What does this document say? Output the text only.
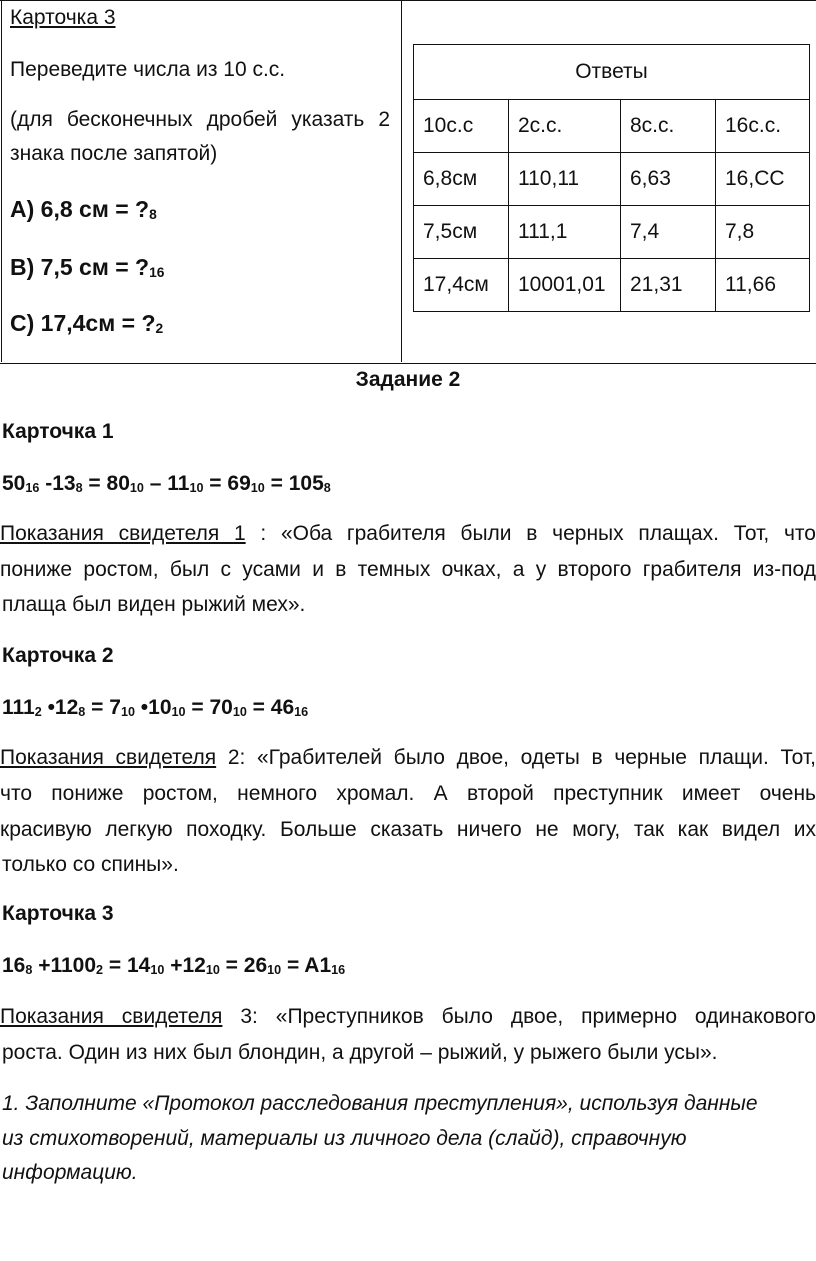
Карточка 3
Переведите числа из 10 с.с.
(для бесконечных дробей указать 2
знака после запятой)
А) 6,8 см = $?_8$
В) 7,5 см = $?_{16}$
С) $17,4см = ?_2$
Ответы			
10с.с	2с.с.	8с.с.	16с.с.
6,8см	110,11	6,63	16,СС
7,5см	111,1	7,4	7,8
17,4см	10001,01	21,31	11,66
Задание 2
Карточка 1
$50_{16}$ $-13_8 = 80_{10} - 11_{10} = 69_{10} = 105_8$
Показания свидетеля 1 : «Оба грабителя были в черных плащах. Тот, что
пониже ростом, был с усами и в темных очках, а у второго грабителя из-под
плаща был виден рыжий мех».
Карточка 2
$111_2$ $•12_8 = 7_{10}$ $•10_{10} = 70_{10} = 46_{16}$
Показания свидетеля 2: «Грабителей было двое, одеты в черные плащи. Тот,
что пониже ростом, немного хромал. А второй преступник имеет очень
красивую легкую походку. Больше сказать ничего не могу, так как видел их
только со спины».
Карточка 3
$16_8 +1100_2 = 14_{10} +12_{10} = 26_{10} = A1_{16}$
Показания свидетеля 3: «Преступников было двое, примерно одинакового
роста. Один из них был блондин, а другой – рыжий, у рыжего были усы».
1. Заполните «Протокол расследования преступления», используя данные
из стихотворений, материалы из личного дела (слайд), справочную
информацию.
